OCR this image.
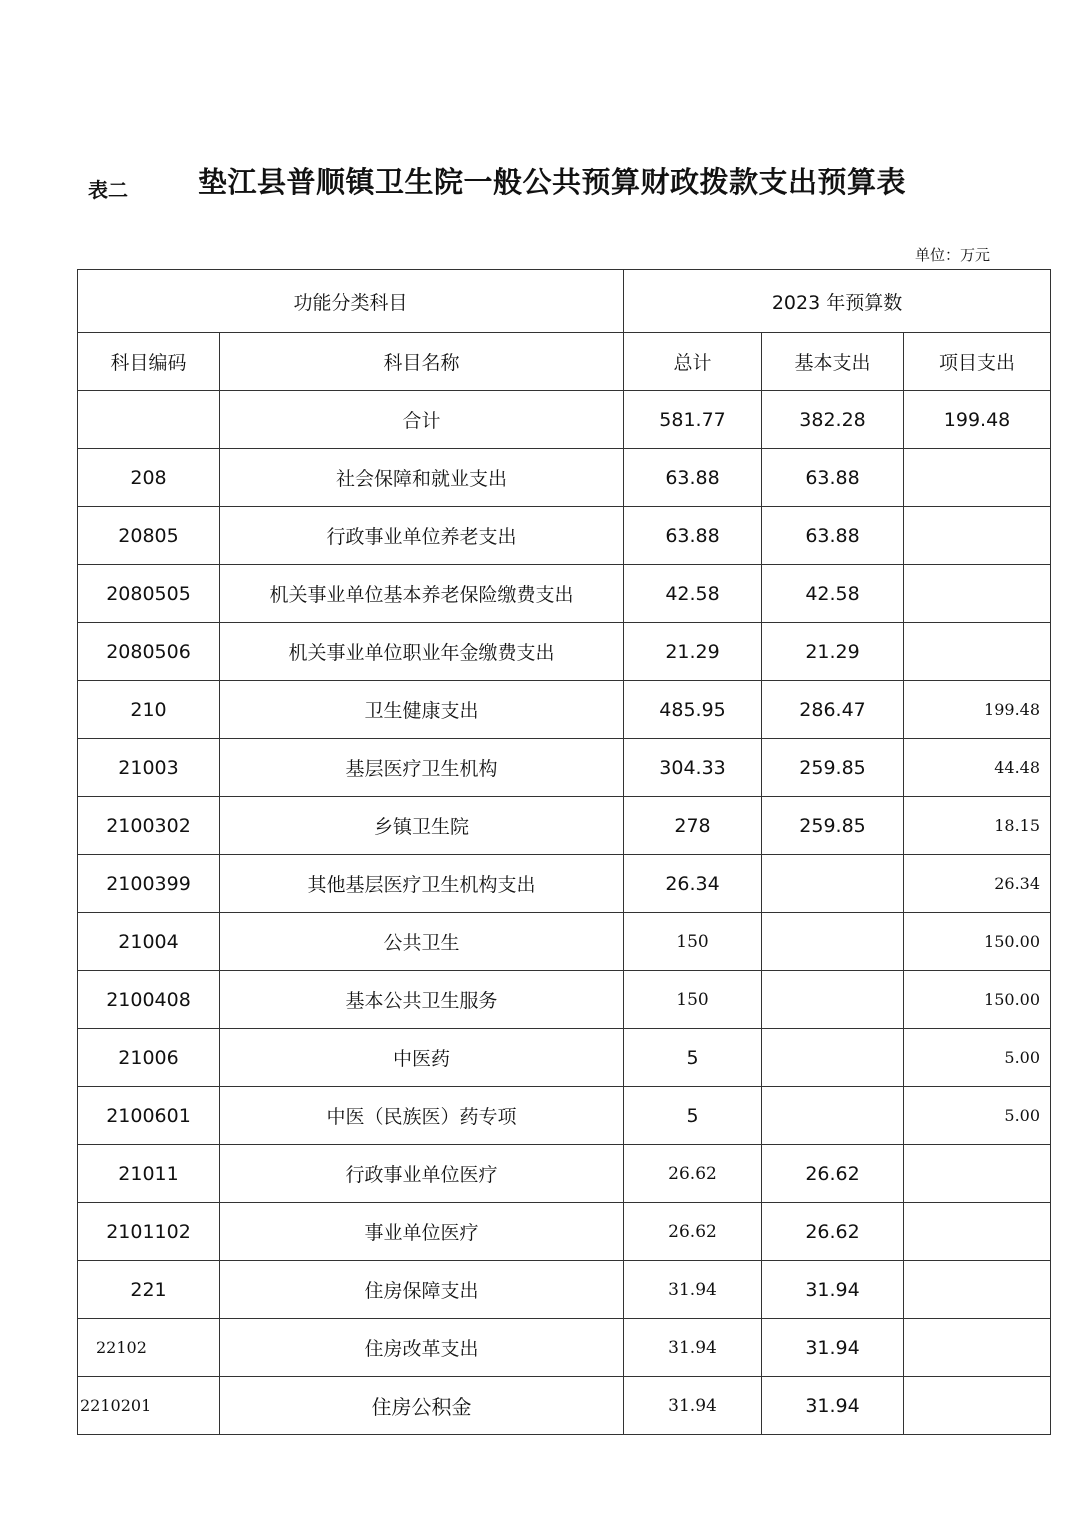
表二 垫江县普顺镇卫生院一般公共预算财政拨款支出预算表
单位：万元
功能分类科目		2023 年预算数		
科目编码	科目名称	总计	基本支出	项目支出
	合计	581.77	382.28	199.48
208	社会保障和就业支出	63.88	63.88	
20805	行政事业单位养老支出	63.88	63.88	
2080505	机关事业单位基本养老保险缴费支出	42.58	42.58	
2080506	机关事业单位职业年金缴费支出	21.29	21.29	
210	卫生健康支出	485.95	286.47	199.48
21003	基层医疗卫生机构	304.33	259.85	44.48
2100302	乡镇卫生院	278	259.85	18.15
2100399	其他基层医疗卫生机构支出	26.34		26.34
21004	公共卫生	150		150.00
2100408	基本公共卫生服务	150		150.00
21006	中医药	5		5.00
2100601	中医（民族医）药专项	5		5.00
21011	行政事业单位医疗	26.62	26.62	
2101102	事业单位医疗	26.62	26.62	
221	住房保障支出	31.94	31.94	
22102	住房改革支出	31.94	31.94	
2210201	住房公积金	31.94	31.94	
